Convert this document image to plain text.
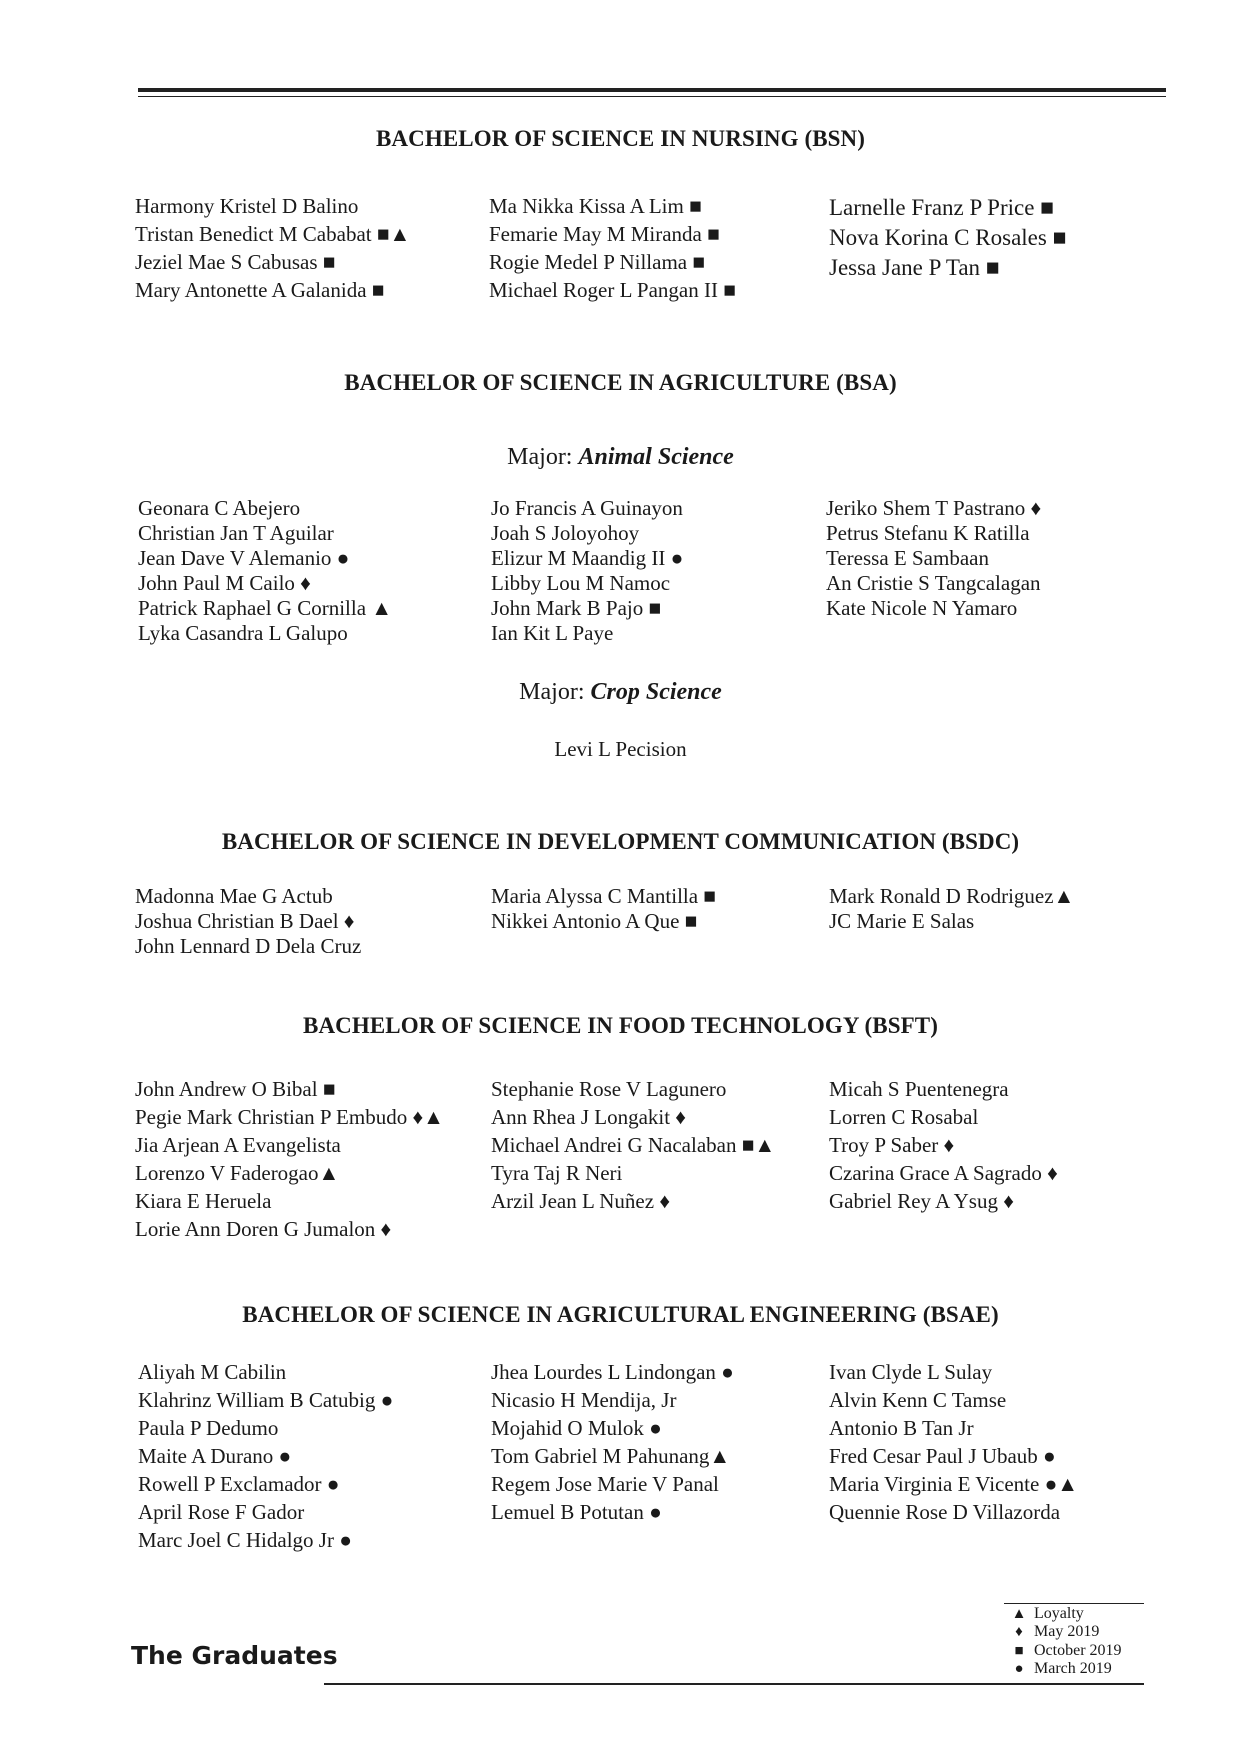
BACHELOR OF SCIENCE IN NURSING (BSN)
Harmony Kristel D Balino
Tristan Benedict M Cababat ■▲
Jeziel Mae S Cabusas ■
Mary Antonette A Galanida ■
Ma Nikka Kissa A Lim ■
Femarie May M Miranda ■
Rogie Medel P Nillama ■
Michael Roger L Pangan II ■
Larnelle Franz P Price ■
Nova Korina C Rosales ■
Jessa Jane P Tan ■
BACHELOR OF SCIENCE IN AGRICULTURE (BSA)
Major: Animal Science
Geonara C Abejero
Christian Jan T Aguilar
Jean Dave V Alemanio ●
John Paul M Cailo ♦
Patrick Raphael G Cornilla ▲
Lyka Casandra L Galupo
Jo Francis A Guinayon
Joah S Joloyohoy
Elizur M Maandig II ●
Libby Lou M Namoc
John Mark B Pajo ■
Ian Kit L Paye
Jeriko Shem T Pastrano ♦
Petrus Stefanu K Ratilla
Teressa E Sambaan
An Cristie S Tangcalagan
Kate Nicole N Yamaro
Major: Crop Science
Levi L Pecision
BACHELOR OF SCIENCE IN DEVELOPMENT COMMUNICATION (BSDC)
Madonna Mae G Actub
Joshua Christian B Dael ♦
John Lennard D Dela Cruz
Maria Alyssa C Mantilla ■
Nikkei Antonio A Que ■
Mark Ronald D Rodriguez▲
JC Marie E Salas
BACHELOR OF SCIENCE IN FOOD TECHNOLOGY (BSFT)
John Andrew O Bibal ■
Pegie Mark Christian P Embudo ♦▲
Jia Arjean A Evangelista
Lorenzo V Faderogao▲
Kiara E Heruela
Lorie Ann Doren G Jumalon ♦
Stephanie Rose V Lagunero
Ann Rhea J Longakit ♦
Michael Andrei G Nacalaban ■▲
Tyra Taj R Neri
Arzil Jean L Nuñez ♦
Micah S Puentenegra
Lorren C Rosabal
Troy P Saber ♦
Czarina Grace A Sagrado ♦
Gabriel Rey A Ysug ♦
BACHELOR OF SCIENCE IN AGRICULTURAL ENGINEERING (BSAE)
Aliyah M Cabilin
Klahrinz William B Catubig ●
Paula P Dedumo
Maite A Durano ●
Rowell P Exclamador ●
April Rose F Gador
Marc Joel C Hidalgo Jr ●
Jhea Lourdes L Lindongan ●
Nicasio H Mendija, Jr
Mojahid O Mulok ●
Tom Gabriel M Pahunang▲
Regem Jose Marie V Panal
Lemuel B Potutan ●
Ivan Clyde L Sulay
Alvin Kenn C Tamse
Antonio B Tan Jr
Fred Cesar Paul J Ubaub ●
Maria Virginia E Vicente ●▲
Quennie Rose D Villazorda
The Graduates
▲ Loyalty
♦ May 2019
■ October 2019
● March 2019
